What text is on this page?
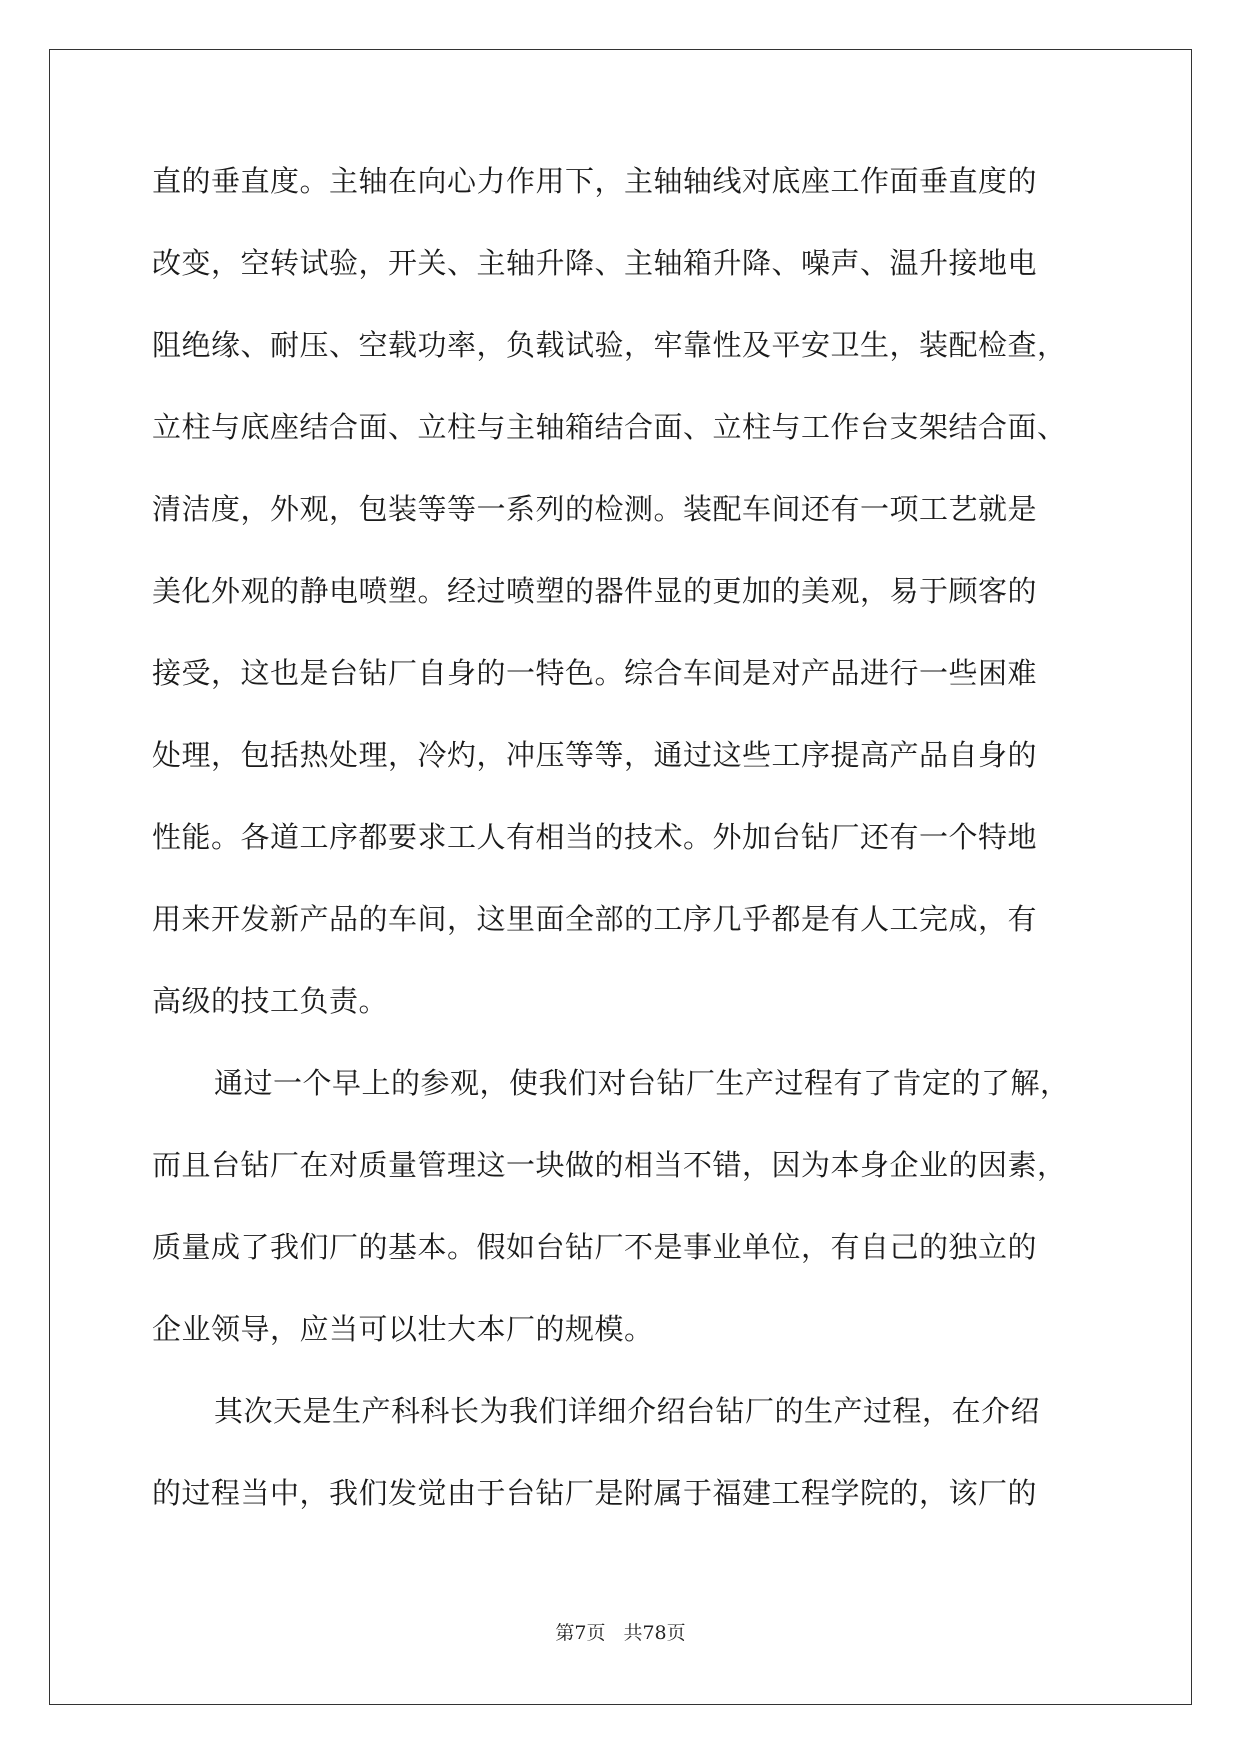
直的垂直度。主轴在向心力作用下，主轴轴线对底座工作面垂直度的
改变，空转试验，开关、主轴升降、主轴箱升降、噪声、温升接地电
阻绝缘、耐压、空载功率，负载试验，牢靠性及平安卫生，装配检查，
立柱与底座结合面、立柱与主轴箱结合面、立柱与工作台支架结合面、
清洁度，外观，包装等等一系列的检测。装配车间还有一项工艺就是
美化外观的静电喷塑。经过喷塑的器件显的更加的美观，易于顾客的
接受，这也是台钻厂自身的一特色。综合车间是对产品进行一些困难
处理，包括热处理，冷灼，冲压等等，通过这些工序提高产品自身的
性能。各道工序都要求工人有相当的技术。外加台钻厂还有一个特地
用来开发新产品的车间，这里面全部的工序几乎都是有人工完成，有
高级的技工负责。
通过一个早上的参观，使我们对台钻厂生产过程有了肯定的了解，
而且台钻厂在对质量管理这一块做的相当不错，因为本身企业的因素，
质量成了我们厂的基本。假如台钻厂不是事业单位，有自己的独立的
企业领导，应当可以壮大本厂的规模。
其次天是生产科科长为我们详细介绍台钻厂的生产过程，在介绍
的过程当中，我们发觉由于台钻厂是附属于福建工程学院的，该厂的
第7页 共78页
